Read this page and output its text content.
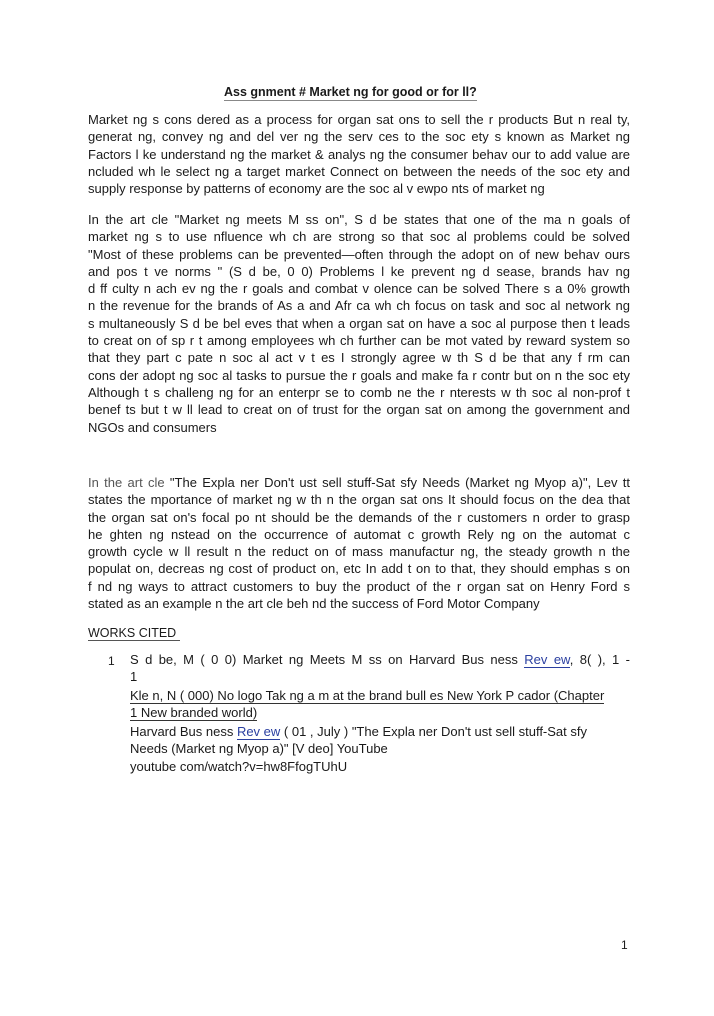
Ass gnment # Market ng for good or for ll?

Market ng s cons dered as a process for organ sat ons to sell the r products But n real ty,

generat ng, convey ng and del ver ng the serv ces to the soc ety s known as Market ng

Factors l ke understand ng the market & analys ng the consumer behav our to add value are

ncluded wh le select ng a target market Connect on between the needs of the soc ety and

supply response by patterns of economy are the soc al v ewpo nts of market ng

In the art cle "Market ng meets M ss on", S d be states that one of the ma n goals of

market ng s to use nfluence wh ch are strong so that soc al problems could be solved

"Most of these problems can be prevented—often through the adopt on of new behav ours

and pos t ve norms " (S d be, 0 0) Problems l ke prevent ng d sease, brands hav ng

d ff culty n ach ev ng the r goals and combat v olence can be solved There s a 0% growth

n the revenue for the brands of As a and Afr ca wh ch focus on task and soc al network ng

s multaneously S d be bel eves that when a organ sat on have a soc al purpose then t leads

to creat on of sp r t among employees wh ch further can be mot vated by reward system so

that they part c pate n soc al act v t es I strongly agree w th S d be that any f rm can

cons der adopt ng soc al tasks to pursue the r goals and make fa r contr but on n the soc ety

Although t s challeng ng for an enterpr se to comb ne the r nterests w th soc al non-prof t

benef ts but t w ll lead to creat on of trust for the organ sat on among the government and

NGOs and consumers

In the art cle "The Expla ner Don't ust sell stuff-Sat sfy Needs (Market ng Myop a)", Lev tt

states the mportance of market ng w th n the organ sat ons It should focus on the dea that

the organ sat on's focal po nt should be the demands of the r customers n order to grasp

he ghten ng nstead on the occurrence of automat c growth Rely ng on the automat c

growth cycle w ll result n the reduct on of mass manufactur ng, the steady growth n the

populat on, decreas ng cost of product on, etc In add t on to that, they should emphas s on

f nd ng ways to attract customers to buy the product of the r organ sat on Henry Ford s

stated as an example n the art cle beh nd the success of Ford Motor Company

WORKS CITED
1 S d be, M ( 0 0) Market ng Meets M ss on Harvard Bus ness Rev ew, 8( ), 1 -

1

Kle n, N ( 000) No logo Tak ng a m at the brand bull es New York P cador (Chapter

1 New branded world)

Harvard Bus ness Rev ew ( 01 , July ) "The Expla ner Don't ust sell stuff-Sat sfy

Needs (Market ng Myop a)" [V deo] YouTube

youtube com/watch?v=hw8FfogTUhU

1
